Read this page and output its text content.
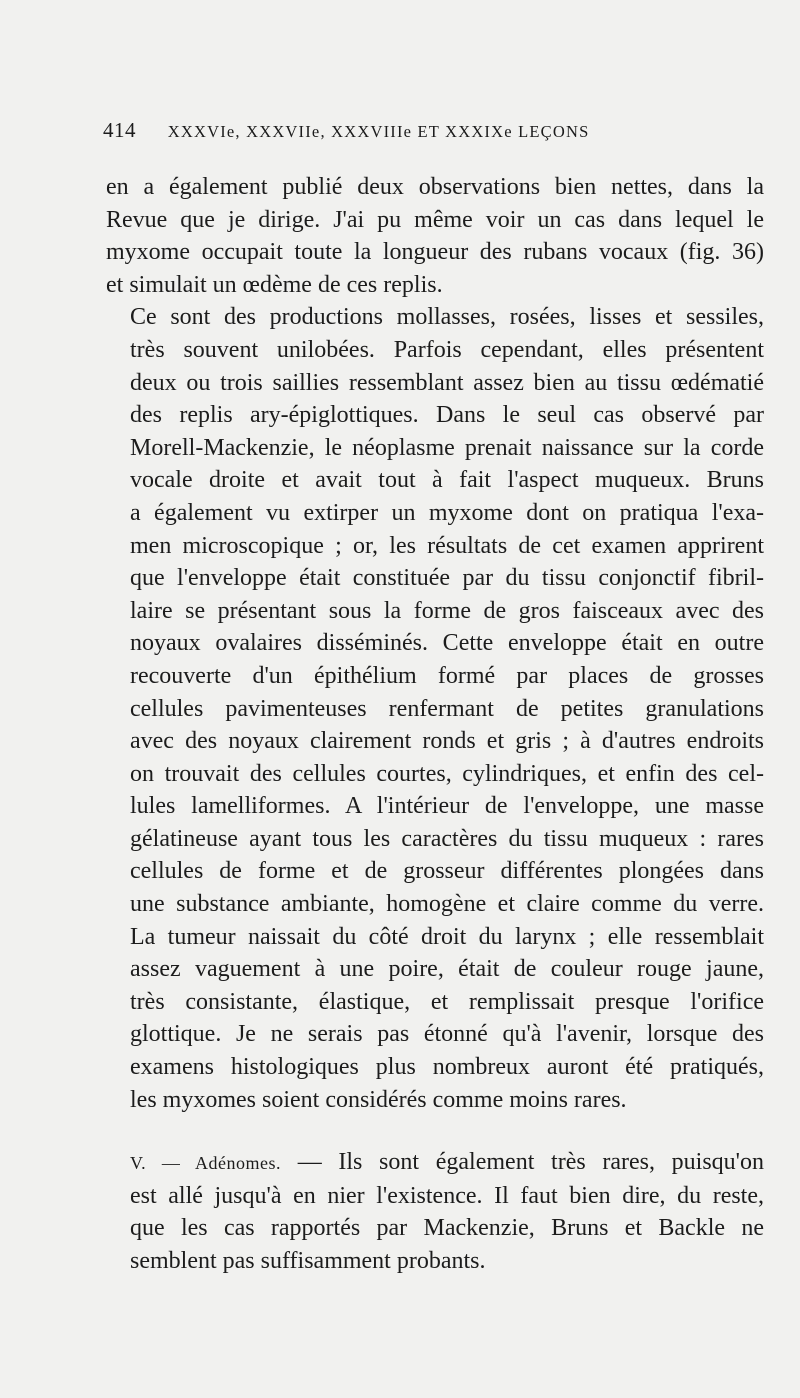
414 XXXVIe, XXXVIIe, XXXVIIIe ET XXXIXe LEÇONS

en a également publié deux observations bien nettes, dans la
Revue que je dirige. J'ai pu même voir un cas dans lequel le
myxome occupait toute la longueur des rubans vocaux (fig. 36)
et simulait un œdème de ces replis.

Ce sont des productions mollasses, rosées, lisses et sessiles,
très souvent unilobées. Parfois cependant, elles présentent
deux ou trois saillies ressemblant assez bien au tissu œdématié
des replis ary-épiglottiques. Dans le seul cas observé par
Morell-Mackenzie, le néoplasme prenait naissance sur la corde
vocale droite et avait tout à fait l'aspect muqueux. Bruns
a également vu extirper un myxome dont on pratiqua l'exa-
men microscopique ; or, les résultats de cet examen apprirent
que l'enveloppe était constituée par du tissu conjonctif fibril-
laire se présentant sous la forme de gros faisceaux avec des
noyaux ovalaires disséminés. Cette enveloppe était en outre
recouverte d'un épithélium formé par places de grosses
cellules pavimenteuses renfermant de petites granulations
avec des noyaux clairement ronds et gris ; à d'autres endroits
on trouvait des cellules courtes, cylindriques, et enfin des cel-
lules lamelliformes. A l'intérieur de l'enveloppe, une masse
gélatineuse ayant tous les caractères du tissu muqueux : rares
cellules de forme et de grosseur différentes plongées dans
une substance ambiante, homogène et claire comme du verre.
La tumeur naissait du côté droit du larynx ; elle ressemblait
assez vaguement à une poire, était de couleur rouge jaune,
très consistante, élastique, et remplissait presque l'orifice
glottique. Je ne serais pas étonné qu'à l'avenir, lorsque des
examens histologiques plus nombreux auront été pratiqués,
les myxomes soient considérés comme moins rares.

V. — Adénomes. — Ils sont également très rares, puisqu'on
est allé jusqu'à en nier l'existence. Il faut bien dire, du reste,
que les cas rapportés par Mackenzie, Bruns et Backle ne
semblent pas suffisamment probants.
